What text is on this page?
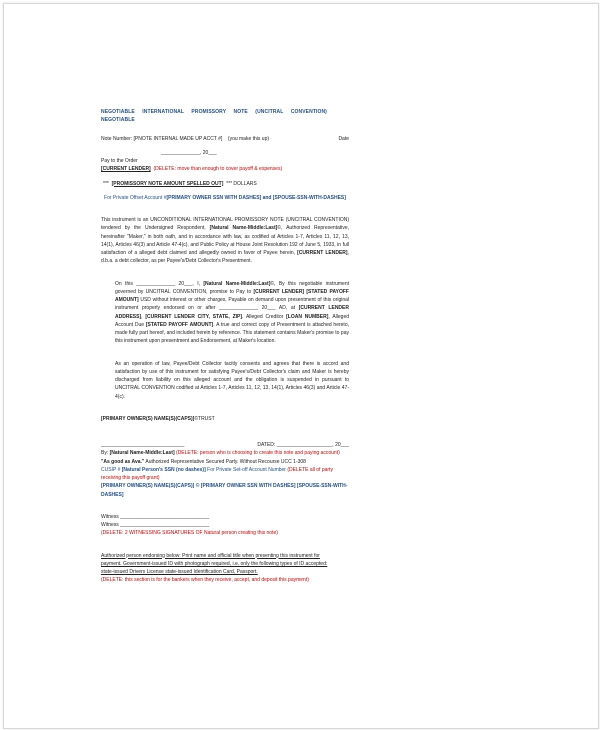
NEGOTIABLE INTERNATIONAL PROMISSORY NOTE (UNCITRAL CONVENTION) NEGOTIABLE

Note Number: [PNOTE INTERNAL MADE UP ACCT #] (you make this up)	Date

______________, 20___

Pay to the Order

[CURRENT LENDER] (DELETE: move than enough to cover payoff & expenses)

*** [PROMISSORY NOTE AMOUNT SPELLED OUT] *** DOLLARS

For Private Offset Account #[PRIMARY OWNER SSN WITH DASHES] and [SPOUSE-SSN-WITH-DASHES]

This instrument is an UNCONDITIONAL INTERNATIONAL PROMISSORY NOTE (UNCITRAL CONVENTION) tendered by the Undersigned Respondent, [Natural Name-Middle:Last]©, Authorized Representative, hereinafter "Maker," in both oath, and in accordance with law, as codified at Articles 1-7, Articles 11, 12, 13, 14(1), Articles 46(3) and Article 47-4(c), and Public Policy at House Joint Resolution 192 of June 5, 1933, in full satisfaction of a alleged debt claimed and allegedly owned in favor of Payee herein, [CURRENT LENDER], d.b.a. a debt collector, as per Payee's/Debt Collector's Presentment.

On this ______________ 20___, I, [Natural Name-Middle:Last]©, By this negotiable instrument governed by UNCITRAL CONVENTION, promise to Pay to [CURRENT LENDER] [STATED PAYOFF AMOUNT] USD without interest or other charges, Payable on demand upon presentment of this original instrument properly endorsed on or after ______________ 20___ AD, at [CURRENT LENDER ADDRESS], [CURRENT LENDER CITY, STATE, ZIP]. Alleged Creditor [LOAN NUMBER], Alleged Account Due [STATED PAYOFF AMOUNT]. A true and correct copy of Presentment is attached hereto, made fully part hereof, and included herein by reference. This statement contains Maker's promise to pay this instrument upon presentment and Endorsement, at Maker's location.

As an operation of law, Payee/Debt Collector tacitly consents and agrees that there is accord and satisfaction by use of this instrument for satisfying Payee's/Debt Collector's claim and Maker is hereby discharged from liability on this alleged account and the obligation is suspended in pursuant to UNCITRAL CONVENTION codified at Articles 1-7, Articles 11, 12, 13, 14(1), Articles 46(3) and Article 47-4(c).

[PRIMARY OWNER(S) NAME(S)(CAPS)]©TRUST

______________________________	DATED: ____________________, 20___

By: [Natural Name-Middle:Last] (DELETE: person who is choosing to create this note and paying account)

"As good as Ava." Authorized Representative Secured Party. Without Recourse UCC 1-308

CUSIP # [Natural Person's SSN (no dashes)] For Private Set-off Account Number (DELETE all of party receiving this payoff grant)

[PRIMARY OWNER(S) NAME(S)(CAPS)] © [PRIMARY OWNER SSN WITH DASHES] [SPOUSE-SSN-WITH-DASHES]

Witness ________________________________

Witness ________________________________

(DELETE: 2 WITNESSING SIGNATURES OF Natural person creating this note)

Authorized person endorsing below: Print name and official title when presenting this instrument for

payment. Government-issued ID with photograph required, i.e. only the following types of ID accepted:

state-issued Drivers License state-issued Identification Card, Passport.

(DELETE: this section is for the bankers when they receive, accept, and deposit this payment)
